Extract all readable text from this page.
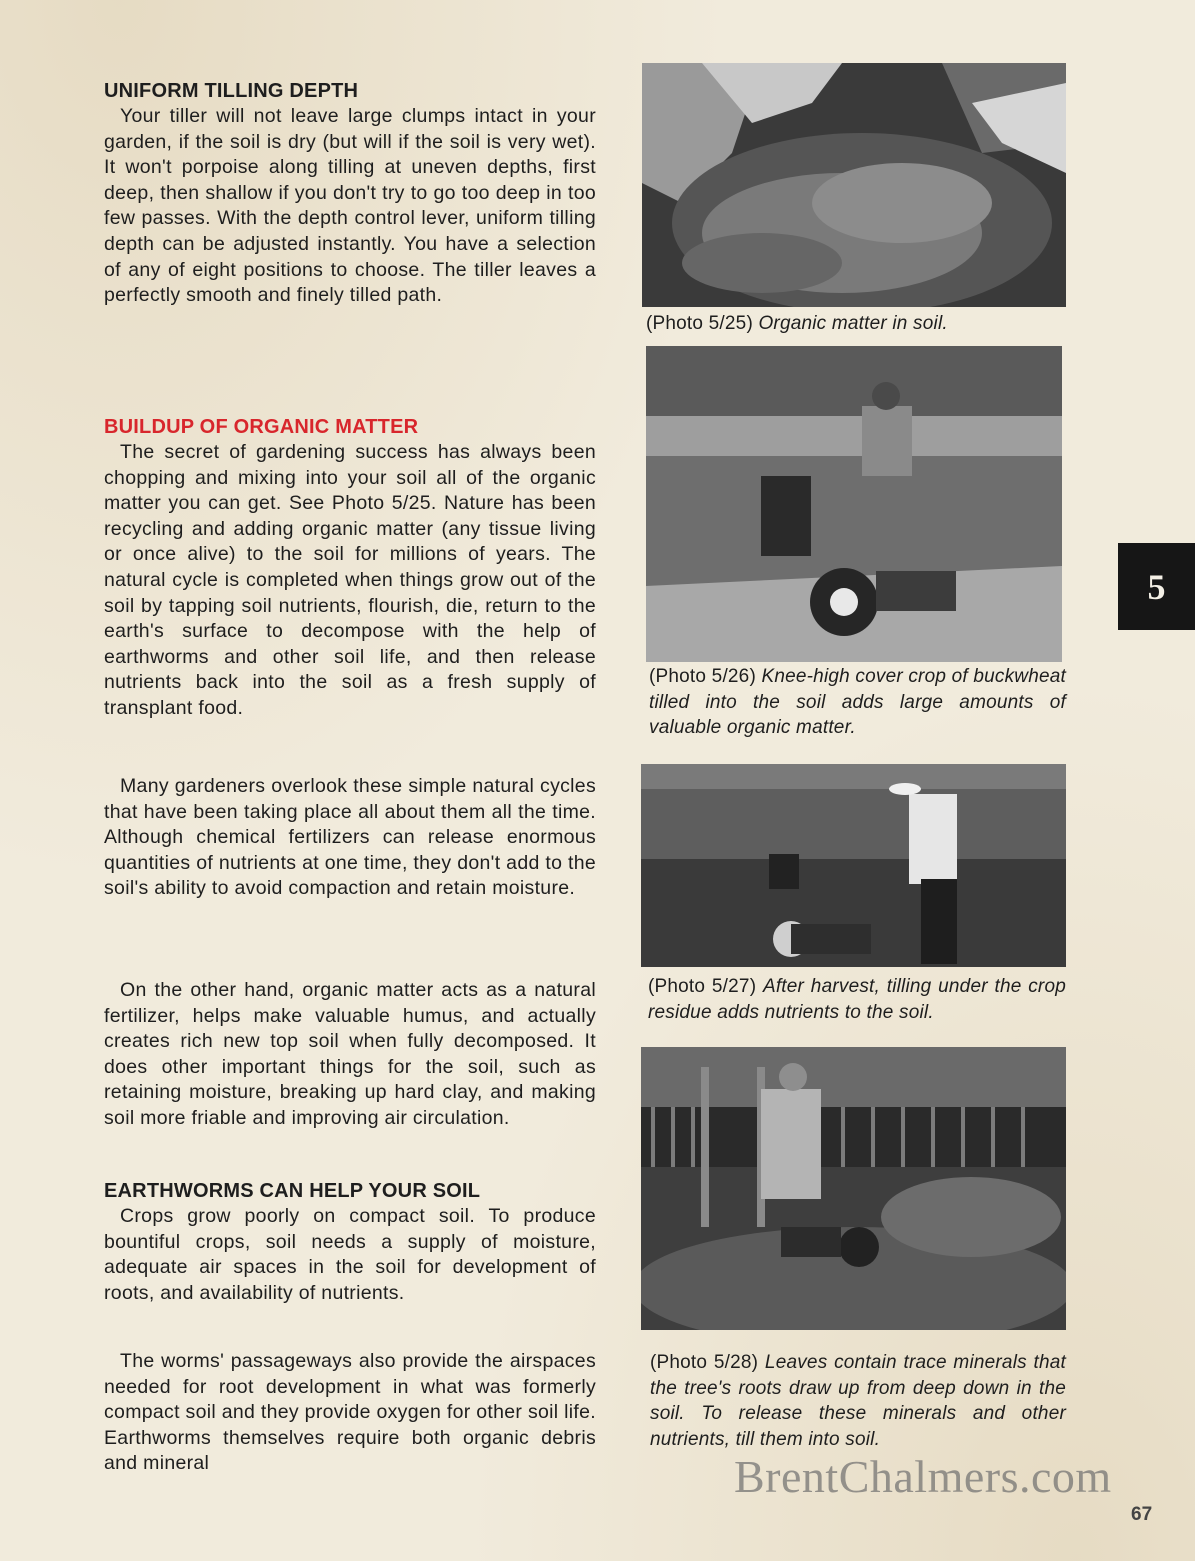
UNIFORM TILLING DEPTH

Your tiller will not leave large clumps intact in your garden, if the soil is dry (but will if the soil is very wet). It won't porpoise along tilling at uneven depths, first deep, then shallow if you don't try to go too deep in too few passes. With the depth control lever, uniform tilling depth can be adjusted instantly. You have a selection of any of eight positions to choose. The tiller leaves a perfectly smooth and finely tilled path.

BUILDUP OF ORGANIC MATTER

The secret of gardening success has always been chopping and mixing into your soil all of the organic matter you can get. See Photo 5/25. Nature has been recycling and adding organic matter (any tissue living or once alive) to the soil for millions of years. The natural cycle is completed when things grow out of the soil by tapping soil nutrients, flourish, die, return to the earth's surface to decompose with the help of earthworms and other soil life, and then release nutrients back into the soil as a fresh supply of transplant food.

Many gardeners overlook these simple natural cycles that have been taking place all about them all the time. Although chemical fertilizers can release enormous quantities of nutrients at one time, they don't add to the soil's ability to avoid compaction and retain moisture.

On the other hand, organic matter acts as a natural fertilizer, helps make valuable humus, and actually creates rich new top soil when fully decomposed. It does other important things for the soil, such as retaining moisture, breaking up hard clay, and making soil more friable and improving air circulation.

EARTHWORMS CAN HELP YOUR SOIL

Crops grow poorly on compact soil. To produce bountiful crops, soil needs a supply of moisture, adequate air spaces in the soil for development of roots, and availability of nutrients.

The worms' passageways also provide the airspaces needed for root development in what was formerly compact soil and they provide oxygen for other soil life. Earthworms themselves require both organic debris and mineral

(Photo 5/25) Organic matter in soil.
(Photo 5/26) Knee-high cover crop of buckwheat tilled into the soil adds large amounts of valuable organic matter.
(Photo 5/27) After harvest, tilling under the crop residue adds nutrients to the soil.
(Photo 5/28) Leaves contain trace minerals that the tree's roots draw up from deep down in the soil. To release these minerals and other nutrients, till them into soil.
5
BrentChalmers.com
67
